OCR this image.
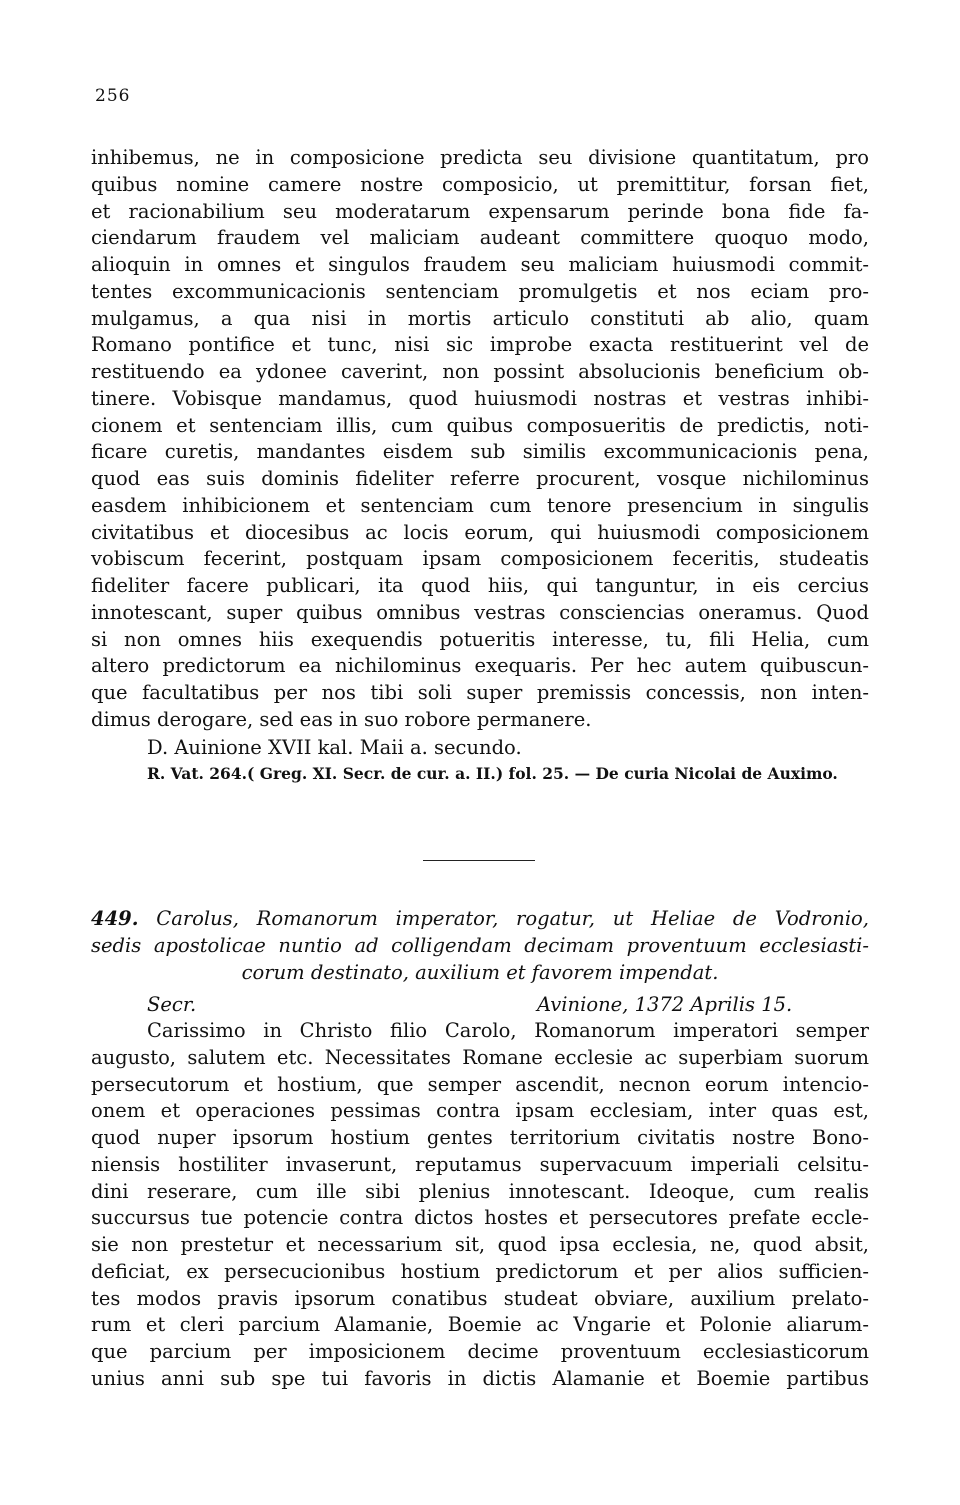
256
inhibemus, ne in composicione predicta seu divisione quantitatum, pro
quibus nomine camere nostre composicio, ut premittitur, forsan fiet,
et racionabilium seu moderatarum expensarum perinde bona fide fa-
ciendarum fraudem vel maliciam audeant committere quoquo modo,
alioquin in omnes et singulos fraudem seu maliciam huiusmodi commit-
tentes excommunicacionis sentenciam promulgetis et nos eciam pro-
mulgamus, a qua nisi in mortis articulo constituti ab alio, quam
Romano pontifice et tunc, nisi sic improbe exacta restituerint vel de
restituendo ea ydonee caverint, non possint absolucionis beneficium ob-
tinere. Vobisque mandamus, quod huiusmodi nostras et vestras inhibi-
cionem et sentenciam illis, cum quibus composueritis de predictis, noti-
ficare curetis, mandantes eisdem sub similis excommunicacionis pena,
quod eas suis dominis fideliter referre procurent, vosque nichilominus
easdem inhibicionem et sentenciam cum tenore presencium in singulis
civitatibus et diocesibus ac locis eorum, qui huiusmodi composicionem
vobiscum fecerint, postquam ipsam composicionem feceritis, studeatis
fideliter facere publicari, ita quod hiis, qui tanguntur, in eis cercius
innotescant, super quibus omnibus vestras consciencias oneramus. Quod
si non omnes hiis exequendis potueritis interesse, tu, fili Helia, cum
altero predictorum ea nichilominus exequaris. Per hec autem quibuscun-
que facultatibus per nos tibi soli super premissis concessis, non inten-
dimus derogare, sed eas in suo robore permanere.
D. Auinione XVII kal. Maii a. secundo.
R. Vat. 264.( Greg. XI. Secr. de cur. a. II.) fol. 25. — De curia Nicolai de Auximo.
449. Carolus, Romanorum imperator, rogatur, ut Heliae de Vodronio,
sedis apostolicae nuntio ad colligendam decimam proventuum ecclesiasti-
corum destinato, auxilium et favorem impendat.
Secr.	Avinione, 1372 Aprilis 15.
Carissimo in Christo filio Carolo, Romanorum imperatori semper
augusto, salutem etc. Necessitates Romane ecclesie ac superbiam suorum
persecutorum et hostium, que semper ascendit, necnon eorum intencio-
onem et operaciones pessimas contra ipsam ecclesiam, inter quas est,
quod nuper ipsorum hostium gentes territorium civitatis nostre Bono-
niensis hostiliter invaserunt, reputamus supervacuum imperiali celsitu-
dini reserare, cum ille sibi plenius innotescant. Ideoque, cum realis
succursus tue potencie contra dictos hostes et persecutores prefate eccle-
sie non prestetur et necessarium sit, quod ipsa ecclesia, ne, quod absit,
deficiat, ex persecucionibus hostium predictorum et per alios sufficien-
tes modos pravis ipsorum conatibus studeat obviare, auxilium prelato-
rum et cleri parcium Alamanie, Boemie ac Vngarie et Polonie aliarum-
que parcium per imposicionem decime proventuum ecclesiasticorum
unius anni sub spe tui favoris in dictis Alamanie et Boemie partibus
